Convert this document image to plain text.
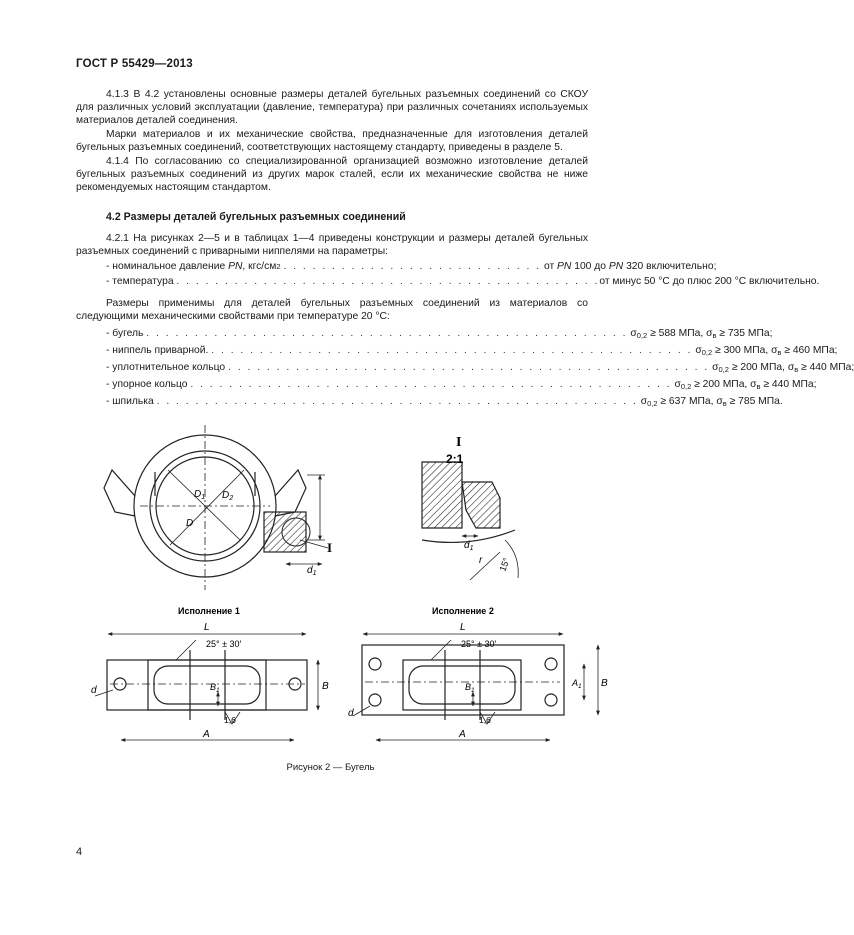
ГОСТ Р 55429—2013

4.1.3 В 4.2 установлены основные размеры деталей бугельных разъемных соединений со СКОУ для различных условий эксплуатации (давление, температура) при различных сочетаниях используемых материалов деталей соединения.

Марки материалов и их механические свойства, предназначенные для изготовления деталей бугельных разъемных соединений, соответствующих настоящему стандарту, приведены в разделе 5.

4.1.4 По согласованию со специализированной организацией возможно изготовление деталей бугельных разъемных соединений из других марок сталей, если их механические свойства не ниже рекомендуемых настоящим стандартом.

4.2 Размеры деталей бугельных разъемных соединений

4.2.1 На рисунках 2—5 и в таблицах 1—4 приведены конструкции и размеры деталей бугельных разъемных соединений с приварными ниппелями на параметры:

- номинальное давление
PN , кгс/см 2
. . . . . . . . . . . . . . . . . . . . . . . . . . . от PN 100 до PN 320 включительно;
- температура
. . . . . . . . . . . . . . . . . . . . . . . . . . . . . . . . . . . . . . . . . . . . от минус 50 °С до плюс 200 °С включительно.

Размеры применимы для деталей бугельных разъемных соединений из материалов со следующими механическими свойствами при температуре 20 °С:

- бугель
. . . . . . . . . . . . . . . . . . . . . . . . . . . . . . . . . . . . . . . . . . . . . . . . . . $\sigma_{0,2} \ge 588$ МПа, $\sigma_в \ge 735$ МПа;
- ниппель приварной.
. . . . . . . . . . . . . . . . . . . . . . . . . . . . . . . . . . . . . . . . . . . . . . . . . . $\sigma_{0,2} \ge 300$ МПа, $\sigma_в \ge 460$ МПа;
- уплотнительное кольцо
. . . . . . . . . . . . . . . . . . . . . . . . . . . . . . . . . . . . . . . . . . . . . . . . . . $\sigma_{0,2} \ge 200$ МПа, $\sigma_в \ge 440$ МПа;
- упорное кольцо
. . . . . . . . . . . . . . . . . . . . . . . . . . . . . . . . . . . . . . . . . . . . . . . . . . $\sigma_{0,2} \ge 200$ МПа, $\sigma_в \ge 440$ МПа;
- шпилька
. . . . . . . . . . . . . . . . . . . . . . . . . . . . . . . . . . . . . . . . . . . . . . . . . . $\sigma_{0,2} \ge 637$ МПа, $\sigma_в \ge 785$ МПа.
$D_1$ $D_2$
D
$d_1$
I
I
2:1
$d_1$
r 15°
Исполнение 1
L
A
B
d	$B_1$
25° ± 30′
1,6
Исполнение 2
L
A
B
$A_1$
d
$B_1$
25° ± 30′
1,6
Рисунок 2 — Бугель
4
